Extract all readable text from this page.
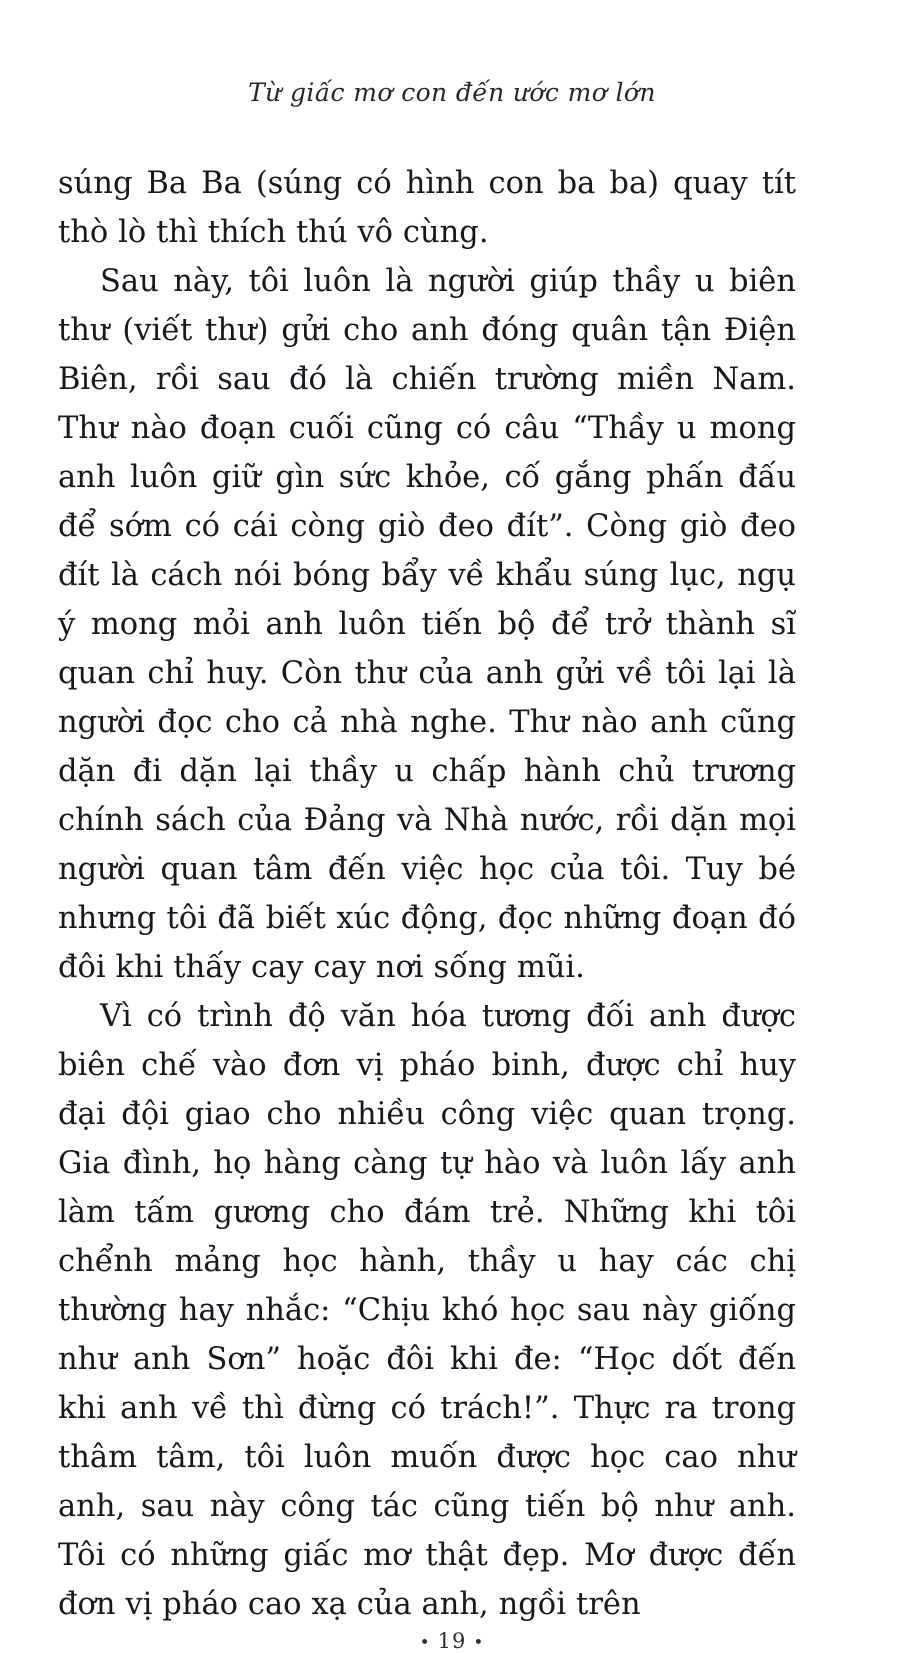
Từ giấc mơ con đến ước mơ lớn

súng Ba Ba (súng có hình con ba ba) quay tít thò lò thì thích thú vô cùng.

Sau này, tôi luôn là người giúp thầy u biên thư (viết thư) gửi cho anh đóng quân tận Điện Biên, rồi sau đó là chiến trường miền Nam. Thư nào đoạn cuối cũng có câu “Thầy u mong anh luôn giữ gìn sức khỏe, cố gắng phấn đấu để sớm có cái còng giò đeo đít”. Còng giò đeo đít là cách nói bóng bẩy về khẩu súng lục, ngụ ý mong mỏi anh luôn tiến bộ để trở thành sĩ quan chỉ huy. Còn thư của anh gửi về tôi lại là người đọc cho cả nhà nghe. Thư nào anh cũng dặn đi dặn lại thầy u chấp hành chủ trương chính sách của Đảng và Nhà nước, rồi dặn mọi người quan tâm đến việc học của tôi. Tuy bé nhưng tôi đã biết xúc động, đọc những đoạn đó đôi khi thấy cay cay nơi sống mũi.

Vì có trình độ văn hóa tương đối anh được biên chế vào đơn vị pháo binh, được chỉ huy đại đội giao cho nhiều công việc quan trọng. Gia đình, họ hàng càng tự hào và luôn lấy anh làm tấm gương cho đám trẻ. Những khi tôi chểnh mảng học hành, thầy u hay các chị thường hay nhắc: “Chịu khó học sau này giống như anh Sơn” hoặc đôi khi đe: “Học dốt đến khi anh về thì đừng có trách!”. Thực ra trong thâm tâm, tôi luôn muốn được học cao như anh, sau này công tác cũng tiến bộ như anh. Tôi có những giấc mơ thật đẹp. Mơ được đến đơn vị pháo cao xạ của anh, ngồi trên

• 19 •
